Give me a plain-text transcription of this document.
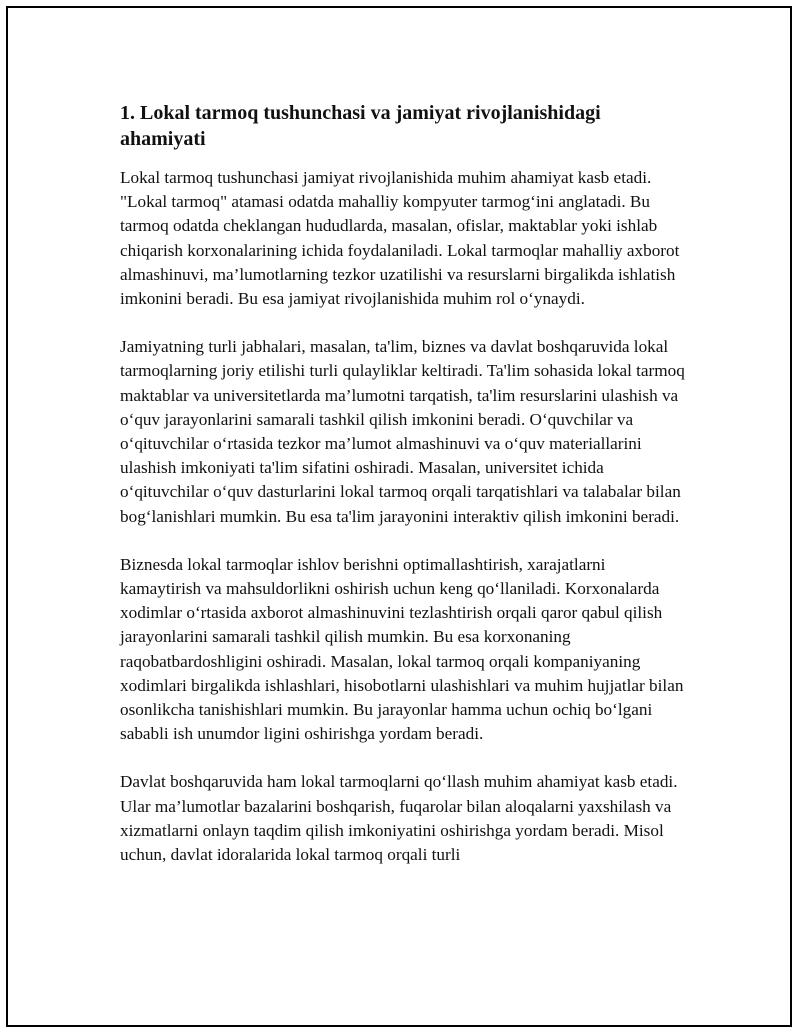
1. Lokal tarmoq tushunchasi va jamiyat rivojlanishidagi ahamiyati

Lokal tarmoq tushunchasi jamiyat rivojlanishida muhim ahamiyat kasb etadi. "Lokal tarmoq" atamasi odatda mahalliy kompyuter tarmog‘ini anglatadi. Bu tarmoq odatda cheklangan hududlarda, masalan, ofislar, maktablar yoki ishlab chiqarish korxonalarining ichida foydalaniladi. Lokal tarmoqlar mahalliy axborot almashinuvi, ma’lumotlarning tezkor uzatilishi va resurslarni birgalikda ishlatish imkonini beradi. Bu esa jamiyat rivojlanishida muhim rol o‘ynaydi.

Jamiyatning turli jabhalari, masalan, ta'lim, biznes va davlat boshqaruvida lokal tarmoqlarning joriy etilishi turli qulayliklar keltiradi. Ta'lim sohasida lokal tarmoq maktablar va universitetlarda ma’lumotni tarqatish, ta'lim resurslarini ulashish va o‘quv jarayonlarini samarali tashkil qilish imkonini beradi. O‘quvchilar va o‘qituvchilar o‘rtasida tezkor ma’lumot almashinuvi va o‘quv materiallarini ulashish imkoniyati ta'lim sifatini oshiradi. Masalan, universitet ichida o‘qituvchilar o‘quv dasturlarini lokal tarmoq orqali tarqatishlari va talabalar bilan bog‘lanishlari mumkin. Bu esa ta'lim jarayonini interaktiv qilish imkonini beradi.

Biznesda lokal tarmoqlar ishlov berishni optimallashtirish, xarajatlarni kamaytirish va mahsuldorlikni oshirish uchun keng qo‘llaniladi. Korxonalarda xodimlar o‘rtasida axborot almashinuvini tezlashtirish orqali qaror qabul qilish jarayonlarini samarali tashkil qilish mumkin. Bu esa korxonaning raqobatbardoshligini oshiradi. Masalan, lokal tarmoq orqali kompaniyaning xodimlari birgalikda ishlashlari, hisobotlarni ulashishlari va muhim hujjatlar bilan osonlikcha tanishishlari mumkin. Bu jarayonlar hamma uchun ochiq bo‘lgani sababli ish unumdor ligini oshirishga yordam beradi.

Davlat boshqaruvida ham lokal tarmoqlarni qo‘llash muhim ahamiyat kasb etadi. Ular ma’lumotlar bazalarini boshqarish, fuqarolar bilan aloqalarni yaxshilash va xizmatlarni onlayn taqdim qilish imkoniyatini oshirishga yordam beradi. Misol uchun, davlat idoralarida lokal tarmoq orqali turli
